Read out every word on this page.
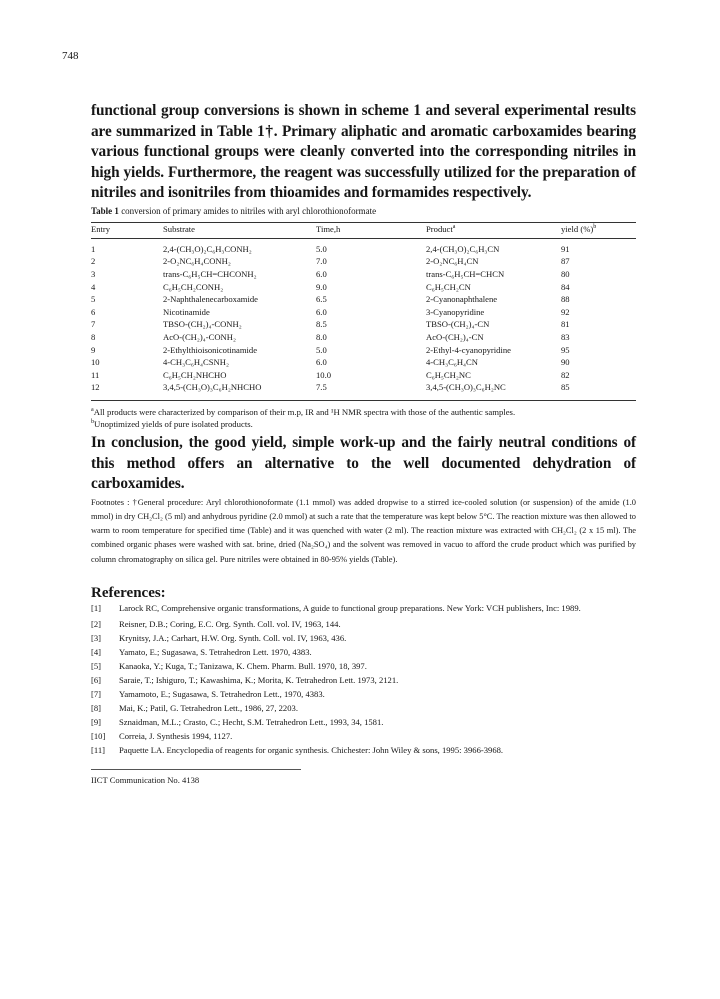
748

functional group conversions is shown in scheme 1 and several experimental results are summarized in Table 1†. Primary aliphatic and aromatic carboxamides bearing various functional groups were cleanly converted into the corresponding nitriles in high yields. Furthermore, the reagent was successfully utilized for the preparation of nitriles and isonitriles from thioamides and formamides respectively.

Table 1 conversion of primary amides to nitriles with aryl chlorothionoformate
Entry	Substrate	Time,h	Product$^a$	yield (%)$^b$
1	2,4-(CH₃O)₂C₆H₃CONH₂	5.0	2,4-(CH₃O)₂C₆H₃CN	91
2	2-O₂NC₆H₄CONH₂	7.0	2-O₂NC₆H₄CN	87
3	trans-C₆H₅CH=CHCONH₂	6.0	trans-C₆H₅CH=CHCN	80
4	C₆H₅CH₂CONH₂	9.0	C₆H₅CH₂CN	84
5	2-Naphthalenecarboxamide	6.5	2-Cyanonaphthalene	88
6	Nicotinamide	6.0	3-Cyanopyridine	92
7	TBSO-(CH₂)₄-CONH₂	8.5	TBSO-(CH₂)₄-CN	81
8	AcO-(CH₂)₄-CONH₂	8.0	AcO-(CH₂)₄-CN	83
9	2-Ethylthioisonicotinamide	5.0	2-Ethyl-4-cyanopyridine	95
10	4-CH₃C₆H₄CSNH₂	6.0	4-CH₃C₆H₄CN	90
11	C₆H₅CH₂NHCHO	10.0	C₆H₅CH₂NC	82
12	3,4,5-(CH₃O)₃C₆H₂NHCHO	7.5	3,4,5-(CH₃O)₃C₆H₂NC	85
$^a$All products were characterized by comparison of their m.p, IR and ¹H NMR spectra with those of the authentic samples.
$^b$Unoptimized yields of pure isolated products.

In conclusion, the good yield, simple work-up and the fairly neutral conditions of this method offers an alternative to the well documented dehydration of carboxamides.

Footnotes : †General procedure: Aryl chlorothionoformate (1.1 mmol) was added dropwise to a stirred ice-cooled solution (or suspension) of the amide (1.0 mmol) in dry CH₂Cl₂ (5 ml) and anhydrous pyridine (2.0 mmol) at such a rate that the temperature was kept below 5°C. The reaction mixture was then allowed to warm to room temperature for specified time (Table) and it was quenched with water (2 ml). The reaction mixture was extracted with CH₂Cl₂ (2 x 15 ml). The combined organic phases were washed with sat. brine, dried (Na₂SO₄) and the solvent was removed in vacuo to afford the crude product which was purified by column chromatography on silica gel. Pure nitriles were obtained in 80-95% yields (Table).
References:
[1]	Larock RC, Comprehensive organic transformations, A guide to functional group preparations. New York: VCH publishers, Inc: 1989.
[2]	Reisner, D.B.; Coring, E.C. Org. Synth. Coll. vol. IV, 1963, 144.
[3]	Krynitsy, J.A.; Carhart, H.W. Org. Synth. Coll. vol. IV, 1963, 436.
[4]	Yamato, E.; Sugasawa, S. Tetrahedron Lett. 1970, 4383.
[5]	Kanaoka, Y.; Kuga, T.; Tanizawa, K. Chem. Pharm. Bull. 1970, 18, 397.
[6]	Saraie, T.; Ishiguro, T.; Kawashima, K.; Morita, K. Tetrahedron Lett. 1973, 2121.
[7]	Yamamoto, E.; Sugasawa, S. Tetrahedron Lett., 1970, 4383.
[8]	Mai, K.; Patil, G. Tetrahedron Lett., 1986, 27, 2203.
[9]	Sznaidman, M.L.; Crasto, C.; Hecht, S.M. Tetrahedron Lett., 1993, 34, 1581.
[10]	Correia, J. Synthesis 1994, 1127.
[11]	Paquette LA. Encyclopedia of reagents for organic synthesis. Chichester: John Wiley & sons, 1995: 3966-3968.
IICT Communication No. 4138
